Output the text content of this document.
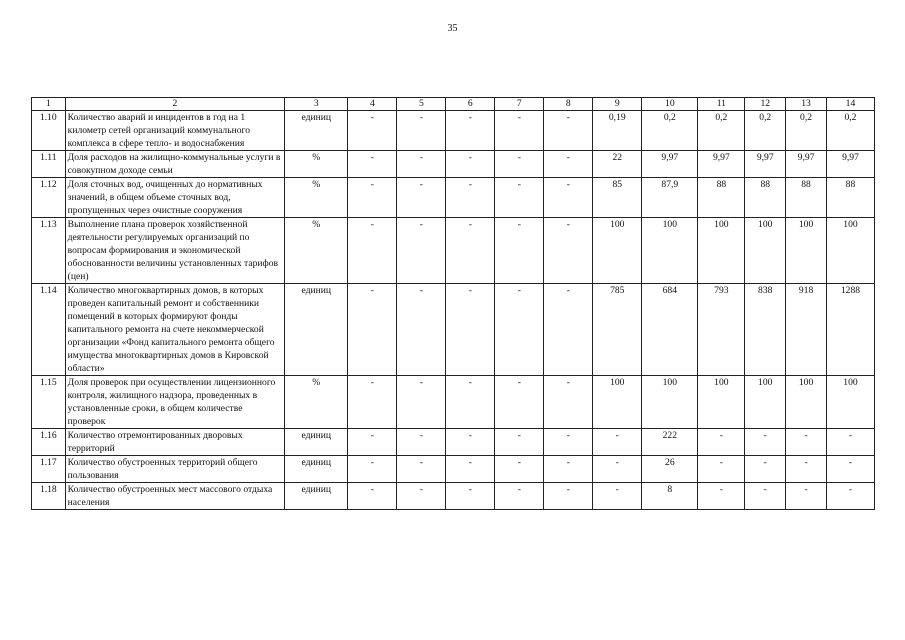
35
1	2	3	4	5	6	7	8	9	10	11	12	13	14
1.10	Количество аварий и инцидентов в год на 1 километр сетей организаций коммунального комплекса в сфере тепло- и водоснабжения	единиц	-	-	-	-	-	0,19	0,2	0,2	0,2	0,2	0,2
1.11	Доля расходов на жилищно-коммунальные услуги в совокупном доходе семьи	%	-	-	-	-	-	22	9,97	9,97	9,97	9,97	9,97
1.12	Доля сточных вод, очищенных до нормативных значений, в общем объеме сточных вод, пропущенных через очистные сооружения	%	-	-	-	-	-	85	87,9	88	88	88	88
1.13	Выполнение плана проверок хозяйственной деятельности регулируемых организаций по вопросам формирования и экономической обоснованности величины установленных тарифов (цен)	%	-	-	-	-	-	100	100	100	100	100	100
1.14	Количество многоквартирных домов, в которых проведен капитальный ремонт и собственники помещений в которых формируют фонды капитального ремонта на счете некоммерческой организации «Фонд капитального ремонта общего имущества многоквартирных домов в Кировской области»	единиц	-	-	-	-	-	785	684	793	838	918	1288
1.15	Доля проверок при осуществлении лицензионного контроля, жилищного надзора, проведенных в установленные сроки, в общем количестве проверок	%	-	-	-	-	-	100	100	100	100	100	100
1.16	Количество отремонтированных дворовых территорий	единиц	-	-	-	-	-	-	222	-	-	-	-
1.17	Количество обустроенных территорий общего пользования	единиц	-	-	-	-	-	-	26	-	-	-	-
1.18	Количество обустроенных мест массового отдыха населения	единиц	-	-	-	-	-	-	8	-	-	-	-
